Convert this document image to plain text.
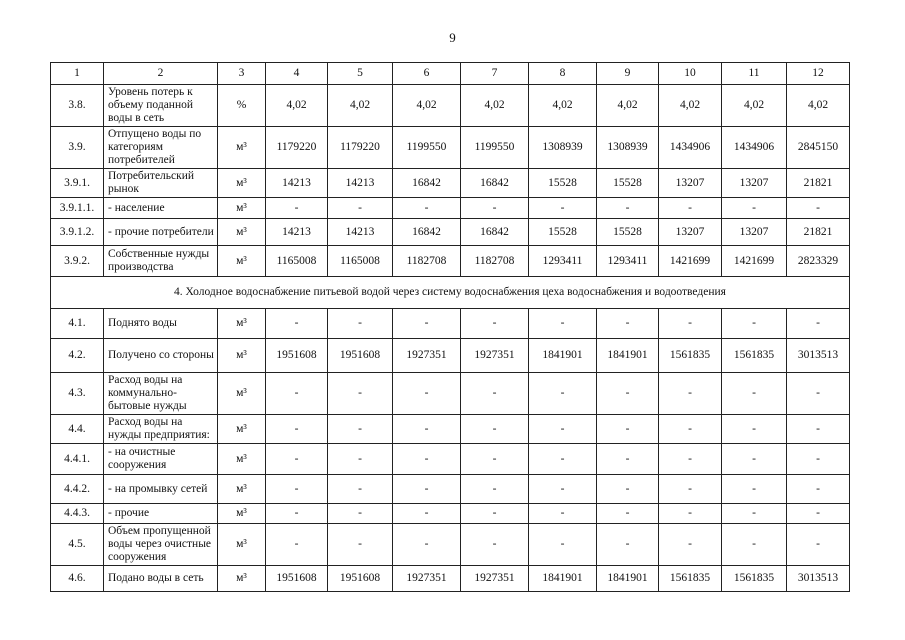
9
1	2	3	4	5	6	7	8	9	10	11	12
3.8.	Уровень потерь к объему поданной воды в сеть	%	4,02	4,02	4,02	4,02	4,02	4,02	4,02	4,02	4,02
3.9.	Отпущено воды по категориям потребителей	м³	1179220	1179220	1199550	1199550	1308939	1308939	1434906	1434906	2845150
3.9.1.	Потребительский рынок	м³	14213	14213	16842	16842	15528	15528	13207	13207	21821
3.9.1.1.	- население	м³	-	-	-	-	-	-	-	-	-
3.9.1.2.	- прочие потребители	м³	14213	14213	16842	16842	15528	15528	13207	13207	21821
3.9.2.	Собственные нужды производства	м³	1165008	1165008	1182708	1182708	1293411	1293411	1421699	1421699	2823329
4. Холодное водоснабжение питьевой водой через систему водоснабжения цеха водоснабжения и водоотведения											
4.1.	Поднято воды	м³	-	-	-	-	-	-	-	-	-
4.2.	Получено со стороны	м³	1951608	1951608	1927351	1927351	1841901	1841901	1561835	1561835	3013513
4.3.	Расход воды на коммунально-бытовые нужды	м³	-	-	-	-	-	-	-	-	-
4.4.	Расход воды на нужды предприятия:	м³	-	-	-	-	-	-	-	-	-
4.4.1.	- на очистные сооружения	м³	-	-	-	-	-	-	-	-	-
4.4.2.	- на промывку сетей	м³	-	-	-	-	-	-	-	-	-
4.4.3.	- прочие	м³	-	-	-	-	-	-	-	-	-
4.5.	Объем пропущенной воды через очистные сооружения	м³	-	-	-	-	-	-	-	-	-
4.6.	Подано воды в сеть	м³	1951608	1951608	1927351	1927351	1841901	1841901	1561835	1561835	3013513
